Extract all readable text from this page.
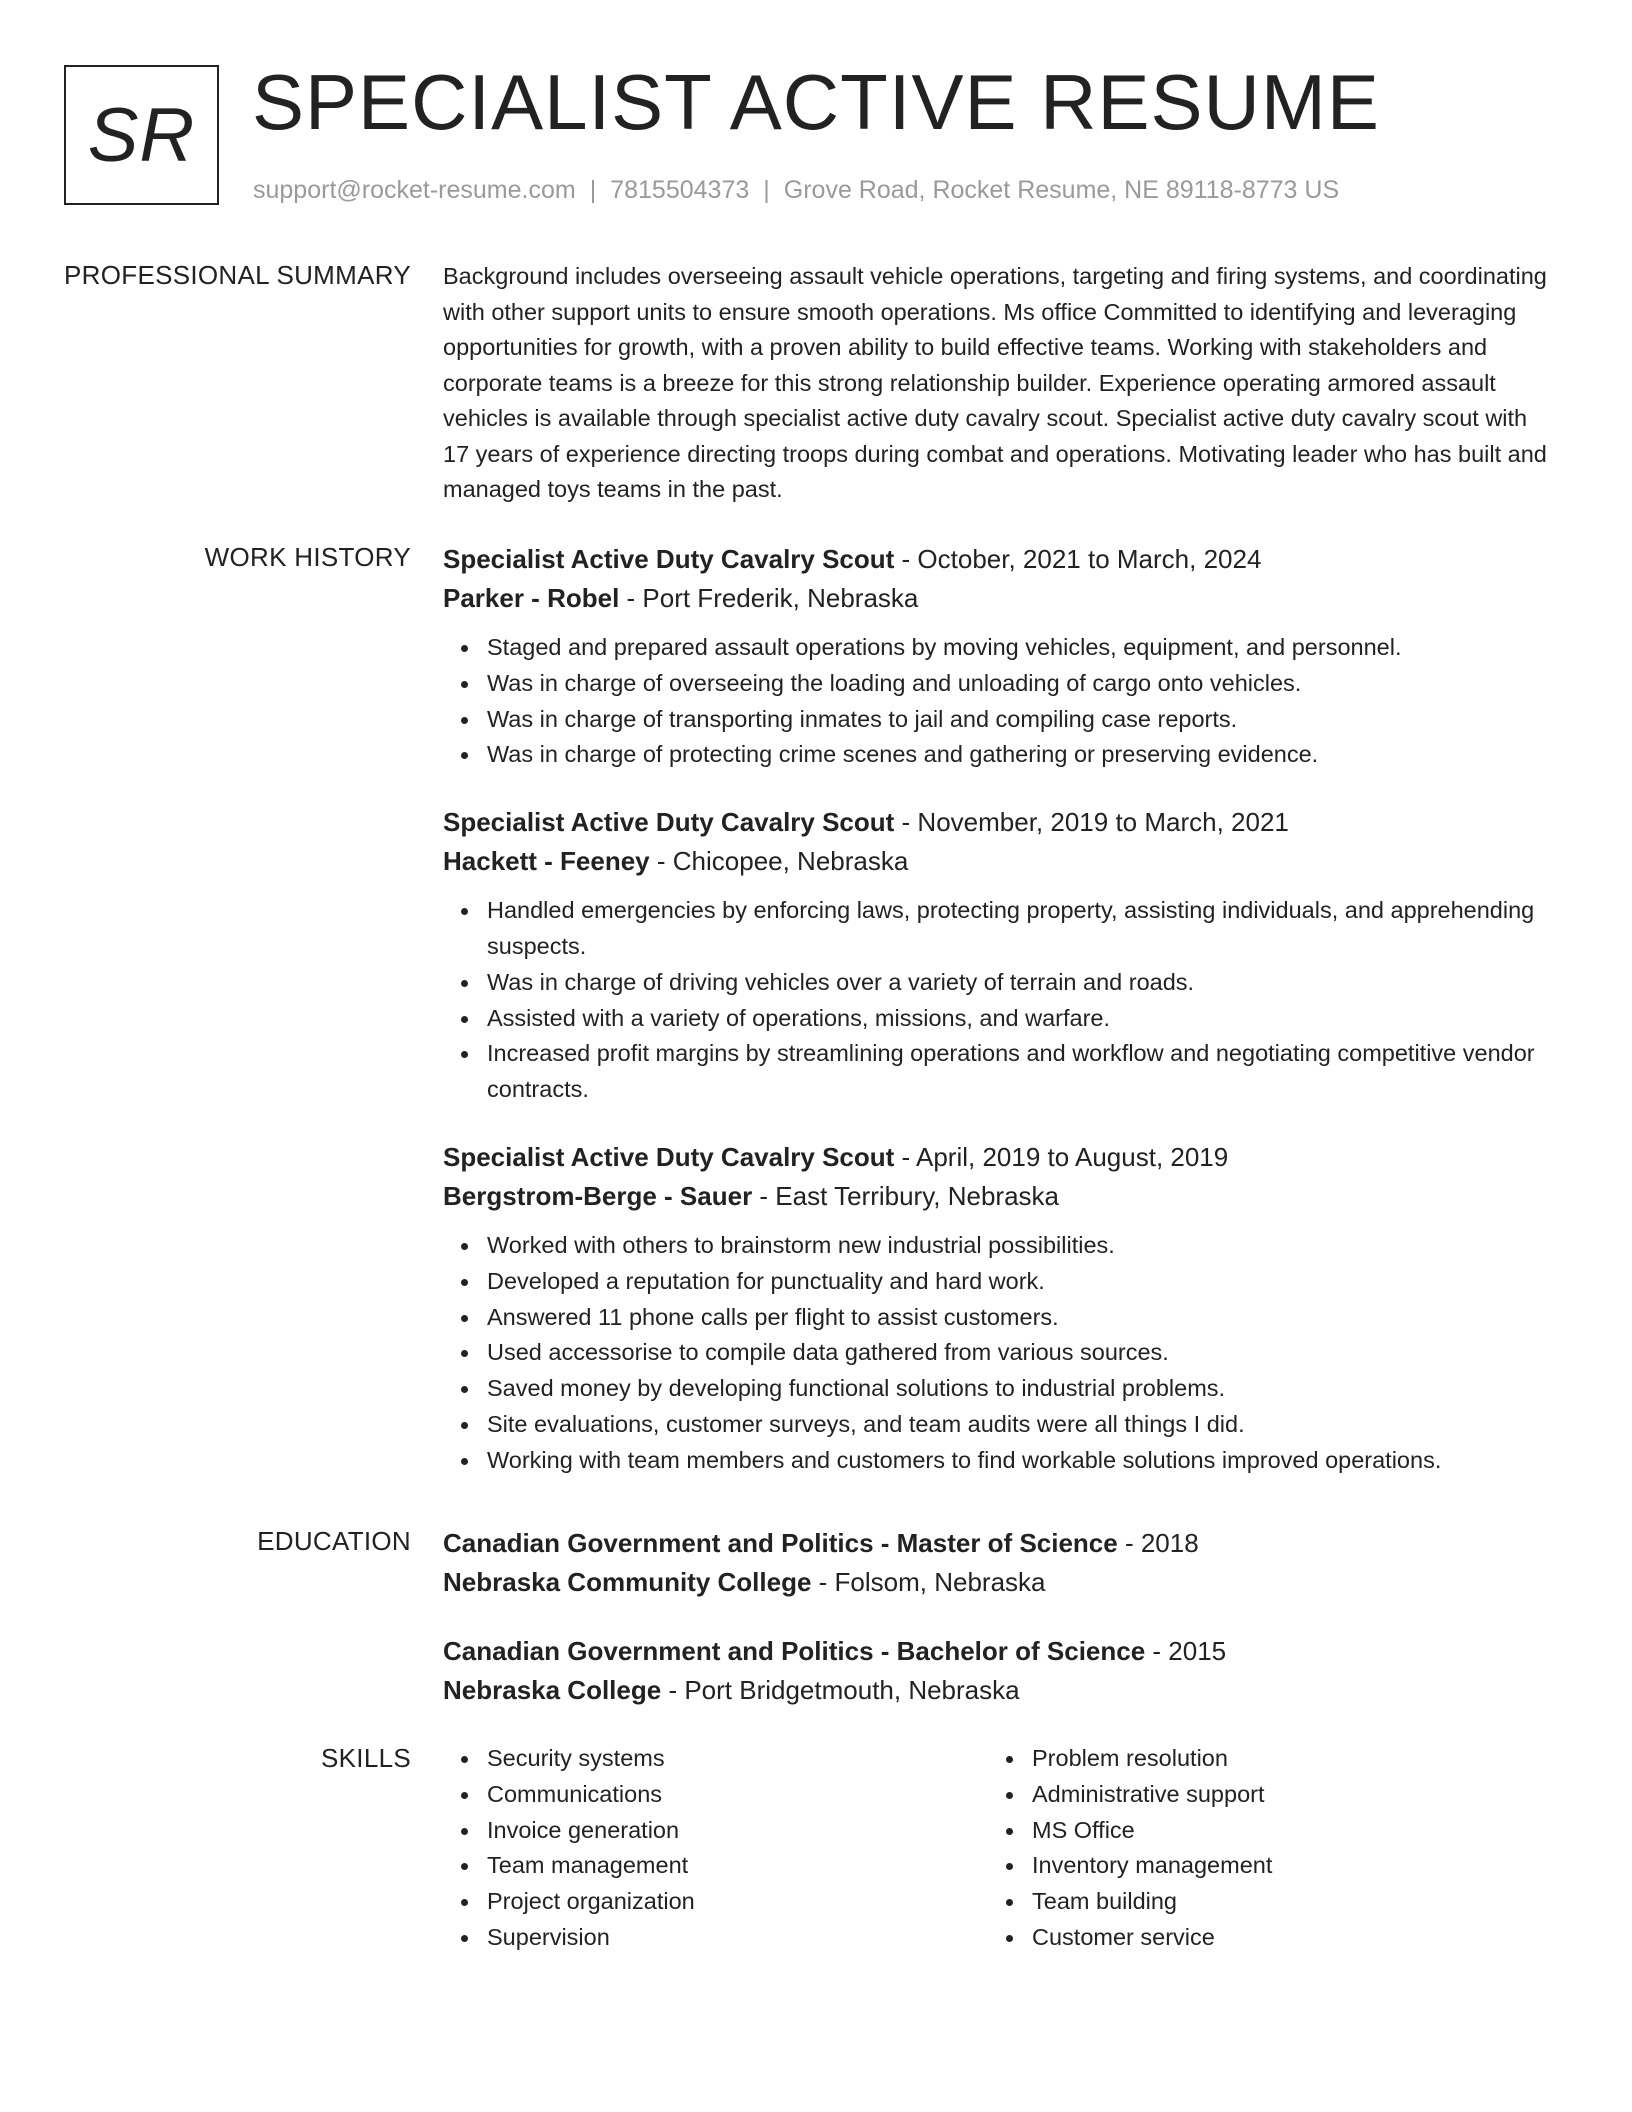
SR SPECIALIST ACTIVE RESUME
support@rocket-resume.com | 7815504373 | Grove Road, Rocket Resume, NE 89118-8773 US
PROFESSIONAL SUMMARY Background includes overseeing assault vehicle operations, targeting and firing systems, and coordinating with other support units to ensure smooth operations. Ms office Committed to identifying and leveraging opportunities for growth, with a proven ability to build effective teams. Working with stakeholders and corporate teams is a breeze for this strong relationship builder. Experience operating armored assault vehicles is available through specialist active duty cavalry scout. Specialist active duty cavalry scout with 17 years of experience directing troops during combat and operations. Motivating leader who has built and managed toys teams in the past.

WORK HISTORY Specialist Active Duty Cavalry Scout - October, 2021 to March, 2024
Parker - Robel - Port Frederik, Nebraska
Staged and prepared assault operations by moving vehicles, equipment, and personnel.
Was in charge of overseeing the loading and unloading of cargo onto vehicles.
Was in charge of transporting inmates to jail and compiling case reports.
Was in charge of protecting crime scenes and gathering or preserving evidence.
Specialist Active Duty Cavalry Scout - November, 2019 to March, 2021
Hackett - Feeney - Chicopee, Nebraska
Handled emergencies by enforcing laws, protecting property, assisting individuals, and apprehending suspects.
Was in charge of driving vehicles over a variety of terrain and roads.
Assisted with a variety of operations, missions, and warfare.
Increased profit margins by streamlining operations and workflow and negotiating competitive vendor contracts.
Specialist Active Duty Cavalry Scout - April, 2019 to August, 2019
Bergstrom-Berge - Sauer - East Terribury, Nebraska
Worked with others to brainstorm new industrial possibilities.
Developed a reputation for punctuality and hard work.
Answered 11 phone calls per flight to assist customers.
Used accessorise to compile data gathered from various sources.
Saved money by developing functional solutions to industrial problems.
Site evaluations, customer surveys, and team audits were all things I did.
Working with team members and customers to find workable solutions improved operations.
EDUCATION Canadian Government and Politics - Master of Science - 2018
Nebraska Community College - Folsom, Nebraska
Canadian Government and Politics - Bachelor of Science - 2015
Nebraska College - Port Bridgetmouth, Nebraska
SKILLS	Security systems
Communications
Invoice generation
Team management
Project organization
Supervision
Problem resolution
Administrative support
MS Office
Inventory management
Team building
Customer service
